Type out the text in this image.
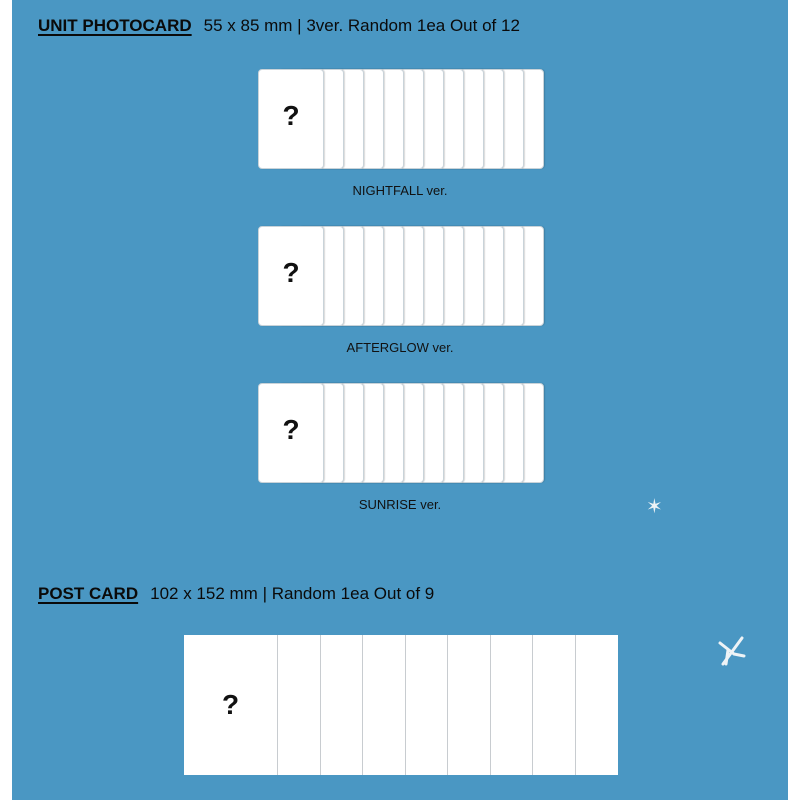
UNIT PHOTOCARD 55 x 85 mm | 3ver. Random 1ea Out of 12
?
NIGHTFALL ver.
?
AFTERGLOW ver.
?
SUNRISE ver.	✶
POST CARD 102 x 152 mm | Random 1ea Out of 9
?
